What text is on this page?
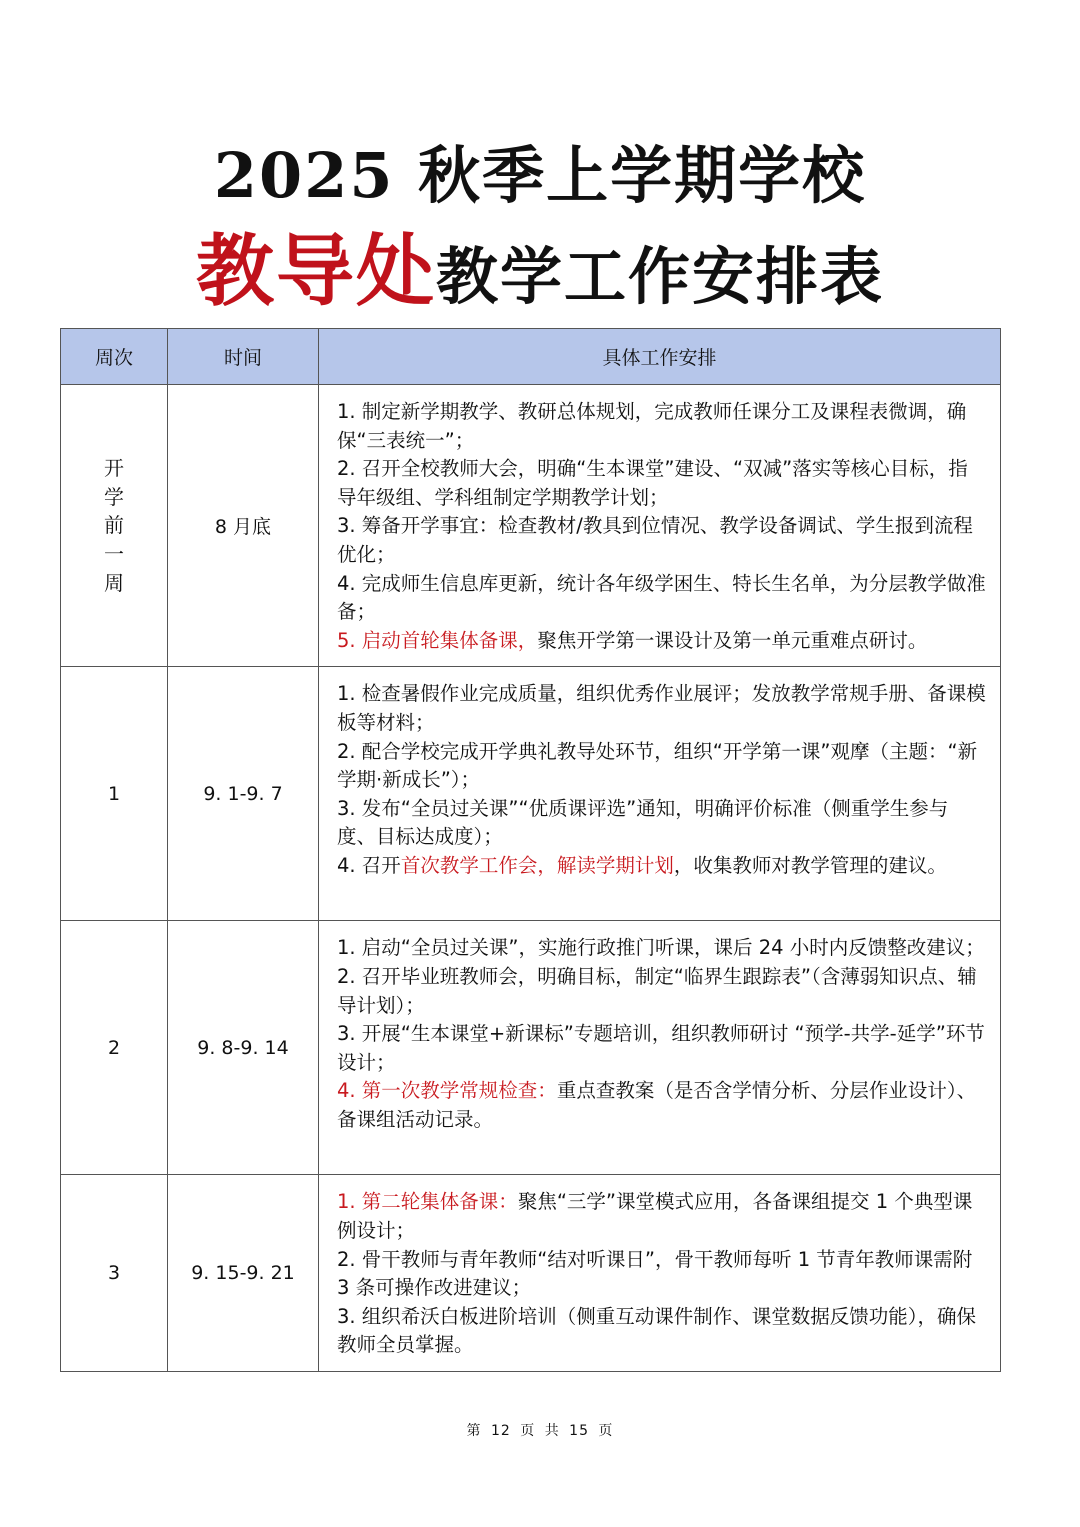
2025 秋季上学期学校
教导处教学工作安排表
周次	时间	具体工作安排
开学前一周	8 月底	1. 制定新学期教学、教研总体规划，完成教师任课分工及课程表微调，确保“三表统一”；
2. 召开全校教师大会，明确“生本课堂”建设、“双减”落实等核心目标，指导年级组、学科组制定学期教学计划；
3. 筹备开学事宜：检查教材/教具到位情况、教学设备调试、学生报到流程优化；
4. 完成师生信息库更新，统计各年级学困生、特长生名单，为分层教学做准备；
5. 启动首轮集体备课，聚焦开学第一课设计及第一单元重难点研讨。

1	9. 1-9. 7	1. 检查暑假作业完成质量，组织优秀作业展评；发放教学常规手册、备课模板等材料；
2. 配合学校完成开学典礼教导处环节，组织“开学第一课”观摩（主题：“新学期·新成长”）；
3. 发布“全员过关课”“优质课评选”通知，明确评价标准（侧重学生参与度、目标达成度）；
4. 召开首次教学工作会，解读学期计划，收集教师对教学管理的建议。

2	9. 8-9. 14	1. 启动“全员过关课”，实施行政推门听课，课后 24 小时内反馈整改建议；
2. 召开毕业班教师会，明确目标，制定“临界生跟踪表”（含薄弱知识点、辅导计划）；
3. 开展“生本课堂+新课标”专题培训，组织教师研讨 “预学-共学-延学”环节设计；
4. 第一次教学常规检查：重点查教案（是否含学情分析、分层作业设计）、备课组活动记录。

3	9. 15-9. 21	1. 第二轮集体备课：聚焦“三学”课堂模式应用，各备课组提交 1 个典型课例设计；
2. 骨干教师与青年教师“结对听课日”，骨干教师每听 1 节青年教师课需附 3 条可操作改进建议；
3. 组织希沃白板进阶培训（侧重互动课件制作、课堂数据反馈功能），确保教师全员掌握。
第 12 页 共 15 页
